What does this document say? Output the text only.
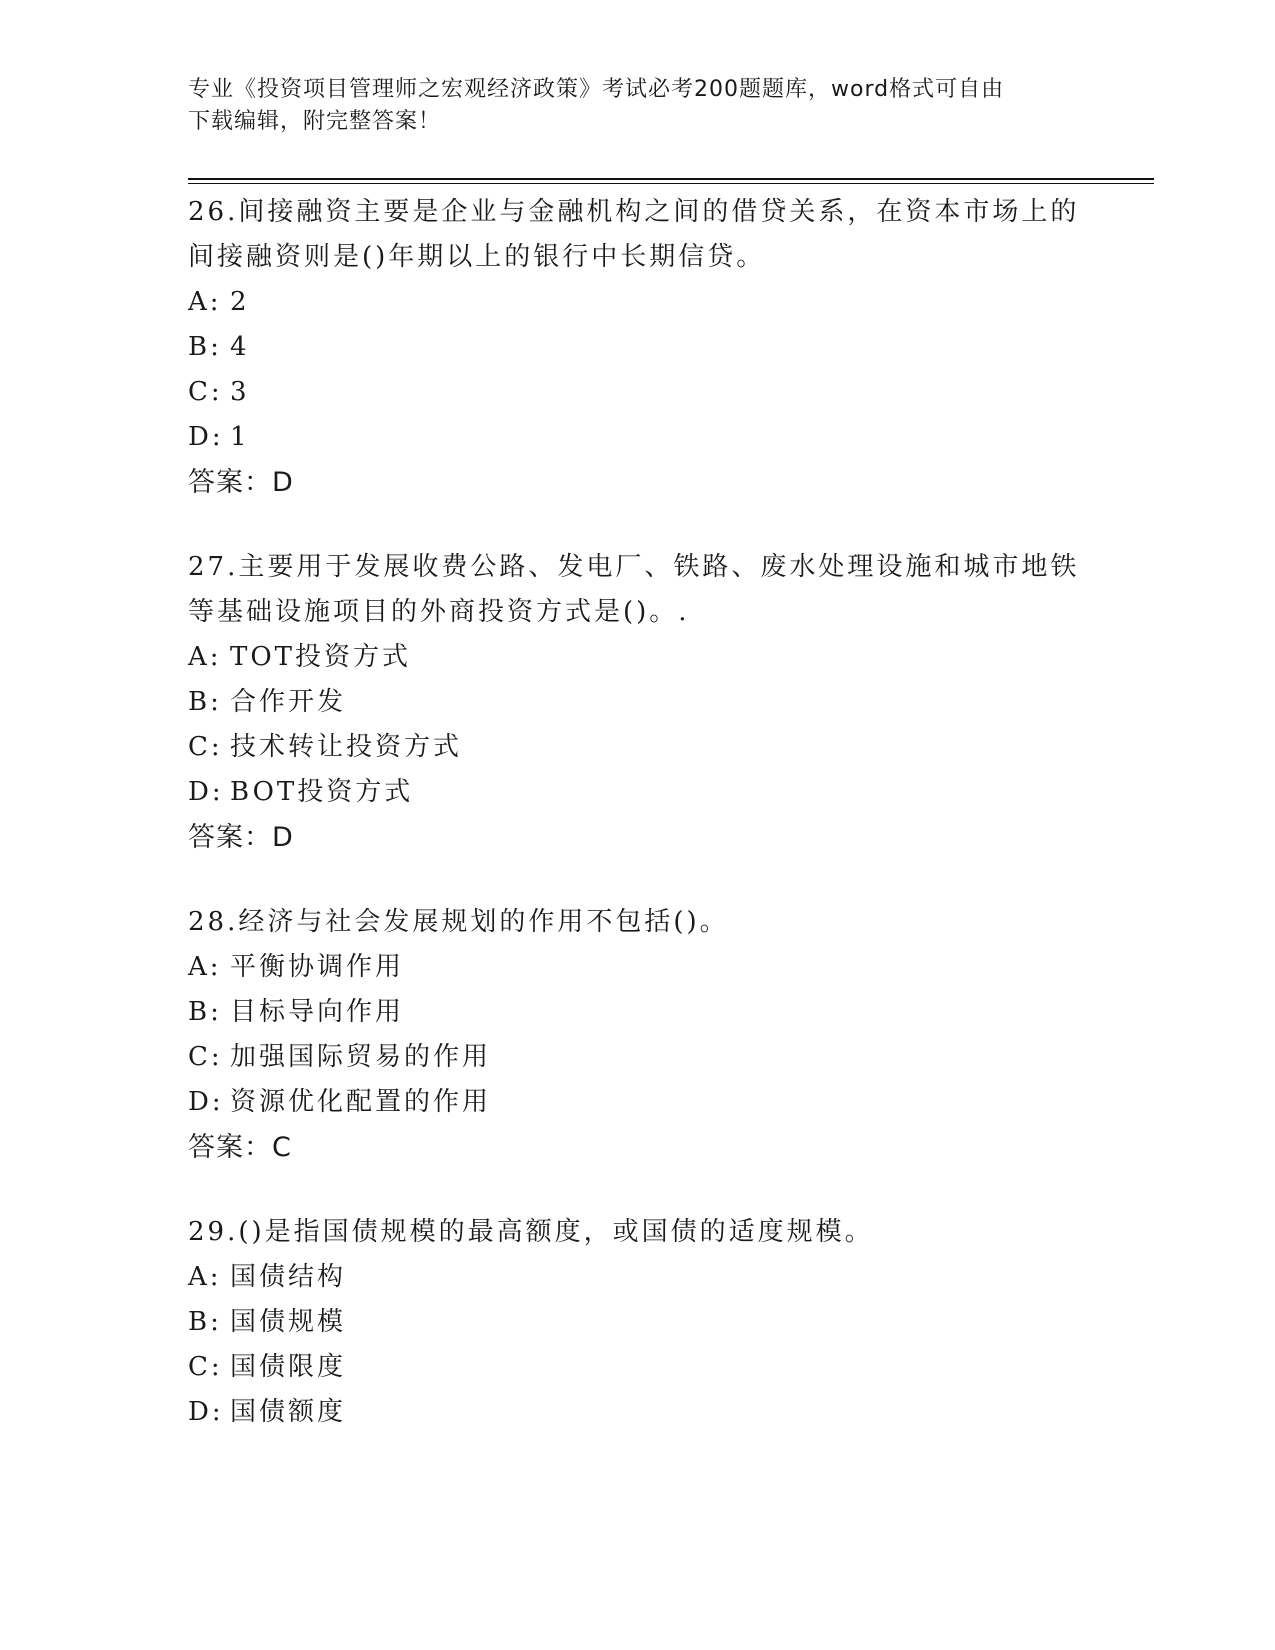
专业《投资项目管理师之宏观经济政策》考试必考200题题库，word格式可自由
下载编辑，附完整答案！
26.间接融资主要是企业与金融机构之间的借贷关系，在资本市场上的
间接融资则是()年期以上的银行中长期信贷。
A: 2
B: 4
C: 3
D: 1
答案：D
27.主要用于发展收费公路、发电厂、铁路、废水处理设施和城市地铁
等基础设施项目的外商投资方式是()。.
A: TOT投资方式
B: 合作开发
C: 技术转让投资方式
D: BOT投资方式
答案：D
28.经济与社会发展规划的作用不包括()。
A: 平衡协调作用
B: 目标导向作用
C: 加强国际贸易的作用
D: 资源优化配置的作用
答案：C
29.()是指国债规模的最高额度，或国债的适度规模。
A: 国债结构
B: 国债规模
C: 国债限度
D: 国债额度
